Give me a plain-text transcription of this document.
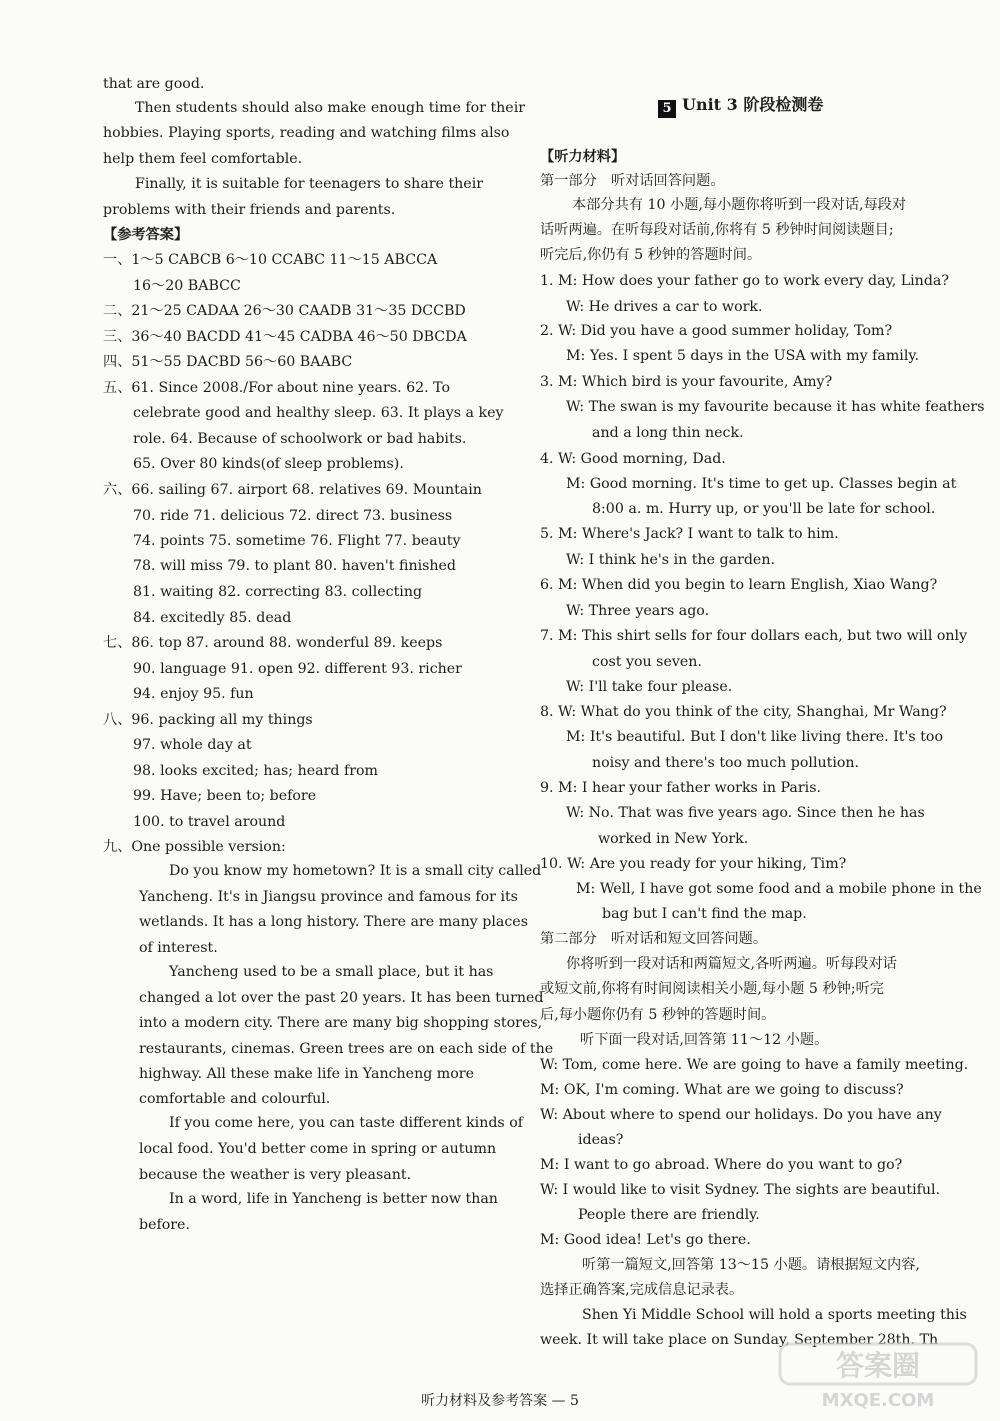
that are good.
Then students should also make enough time for their
hobbies. Playing sports, reading and watching films also
help them feel comfortable.
Finally, it is suitable for teenagers to share their
problems with their friends and parents.
【参考答案】
一、1～5 CABCB 6～10 CCABC 11～15 ABCCA
16～20 BABCC
二、21～25 CADAA 26～30 CAADB 31～35 DCCBD
三、36～40 BACDD 41～45 CADBA 46～50 DBCDA
四、51～55 DACBD 56～60 BAABC
五、61. Since 2008./For about nine years. 62. To
celebrate good and healthy sleep. 63. It plays a key
role. 64. Because of schoolwork or bad habits.
65. Over 80 kinds(of sleep problems).
六、66. sailing 67. airport 68. relatives 69. Mountain
70. ride 71. delicious 72. direct 73. business
74. points 75. sometime 76. Flight 77. beauty
78. will miss 79. to plant 80. haven't finished
81. waiting 82. correcting 83. collecting
84. excitedly 85. dead
七、86. top 87. around 88. wonderful 89. keeps
90. language 91. open 92. different 93. richer
94. enjoy 95. fun
八、96. packing all my things
97. whole day at
98. looks excited; has; heard from
99. Have; been to; before
100. to travel around
九、One possible version:
Do you know my hometown? It is a small city called
Yancheng. It's in Jiangsu province and famous for its
wetlands. It has a long history. There are many places
of interest.
Yancheng used to be a small place, but it has
changed a lot over the past 20 years. It has been turned
into a modern city. There are many big shopping stores,
restaurants, cinemas. Green trees are on each side of the
highway. All these make life in Yancheng more
comfortable and colourful.
If you come here, you can taste different kinds of
local food. You'd better come in spring or autumn
because the weather is very pleasant.
In a word, life in Yancheng is better now than
before.
5 Unit 3 阶段检测卷
【听力材料】
第一部分　听对话回答问题。
本部分共有 10 小题,每小题你将听到一段对话,每段对
话听两遍。在听每段对话前,你将有 5 秒钟时间阅读题目;
听完后,你仍有 5 秒钟的答题时间。
1. M: How does your father go to work every day, Linda?
W: He drives a car to work.
2. W: Did you have a good summer holiday, Tom?
M: Yes. I spent 5 days in the USA with my family.
3. M: Which bird is your favourite, Amy?
W: The swan is my favourite because it has white feathers
and a long thin neck.
4. W: Good morning, Dad.
M: Good morning. It's time to get up. Classes begin at
8:00 a. m. Hurry up, or you'll be late for school.
5. M: Where's Jack? I want to talk to him.
W: I think he's in the garden.
6. M: When did you begin to learn English, Xiao Wang?
W: Three years ago.
7. M: This shirt sells for four dollars each, but two will only
cost you seven.
W: I'll take four please.
8. W: What do you think of the city, Shanghai, Mr Wang?
M: It's beautiful. But I don't like living there. It's too
noisy and there's too much pollution.
9. M: I hear your father works in Paris.
W: No. That was five years ago. Since then he has
worked in New York.
10. W: Are you ready for your hiking, Tim?
M: Well, I have got some food and a mobile phone in the
bag but I can't find the map.
第二部分　听对话和短文回答问题。
你将听到一段对话和两篇短文,各听两遍。听每段对话
或短文前,你将有时间阅读相关小题,每小题 5 秒钟;听完
后,每小题你仍有 5 秒钟的答题时间。
听下面一段对话,回答第 11～12 小题。
W: Tom, come here. We are going to have a family meeting.
M: OK, I'm coming. What are we going to discuss?
W: About where to spend our holidays. Do you have any
ideas?
M: I want to go abroad. Where do you want to go?
W: I would like to visit Sydney. The sights are beautiful.
People there are friendly.
M: Good idea! Let's go there.
听第一篇短文,回答第 13～15 小题。请根据短文内容,
选择正确答案,完成信息记录表。
Shen Yi Middle School will hold a sports meeting this
week. It will take place on Sunday, September 28th. Th
听力材料及参考答案 — 5
答案圈
MXQE.COM
